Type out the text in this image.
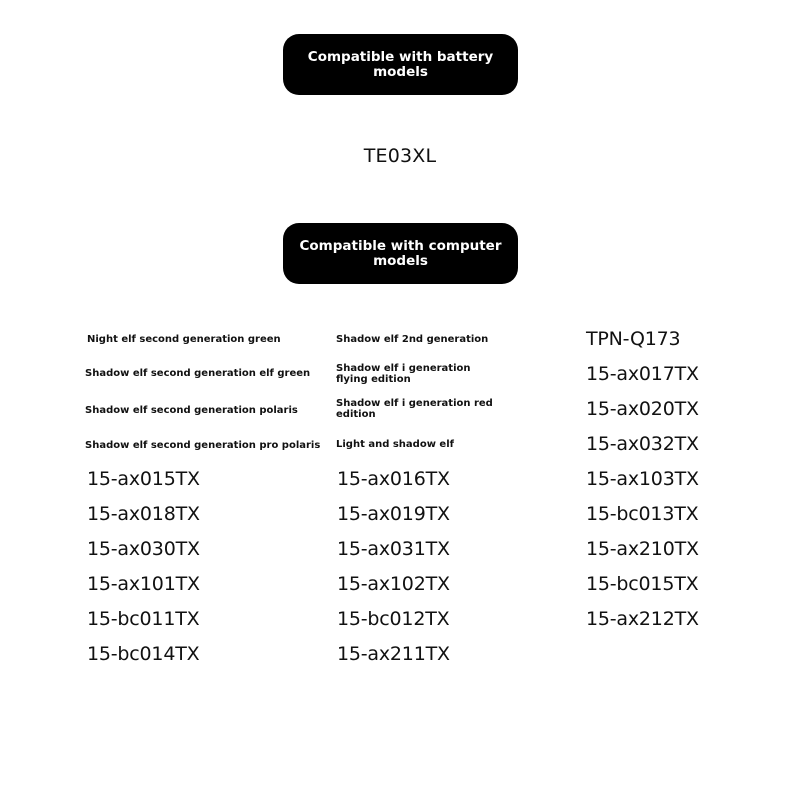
Compatible with battery models
TE03XL
Compatible with computer models
Night elf second generation green
Shadow elf second generation elf green
Shadow elf second generation polaris
Shadow elf second generation pro polaris
15-ax015TX
15-ax018TX
15-ax030TX
15-ax101TX
15-bc011TX
15-bc014TX
Shadow elf 2nd generation
Shadow elf i generation flying edition
Shadow elf i generation red edition
Light and shadow elf
15-ax016TX
15-ax019TX
15-ax031TX
15-ax102TX
15-bc012TX
15-ax211TX
TPN-Q173
15-ax017TX
15-ax020TX
15-ax032TX
15-ax103TX
15-bc013TX
15-ax210TX
15-bc015TX
15-ax212TX
